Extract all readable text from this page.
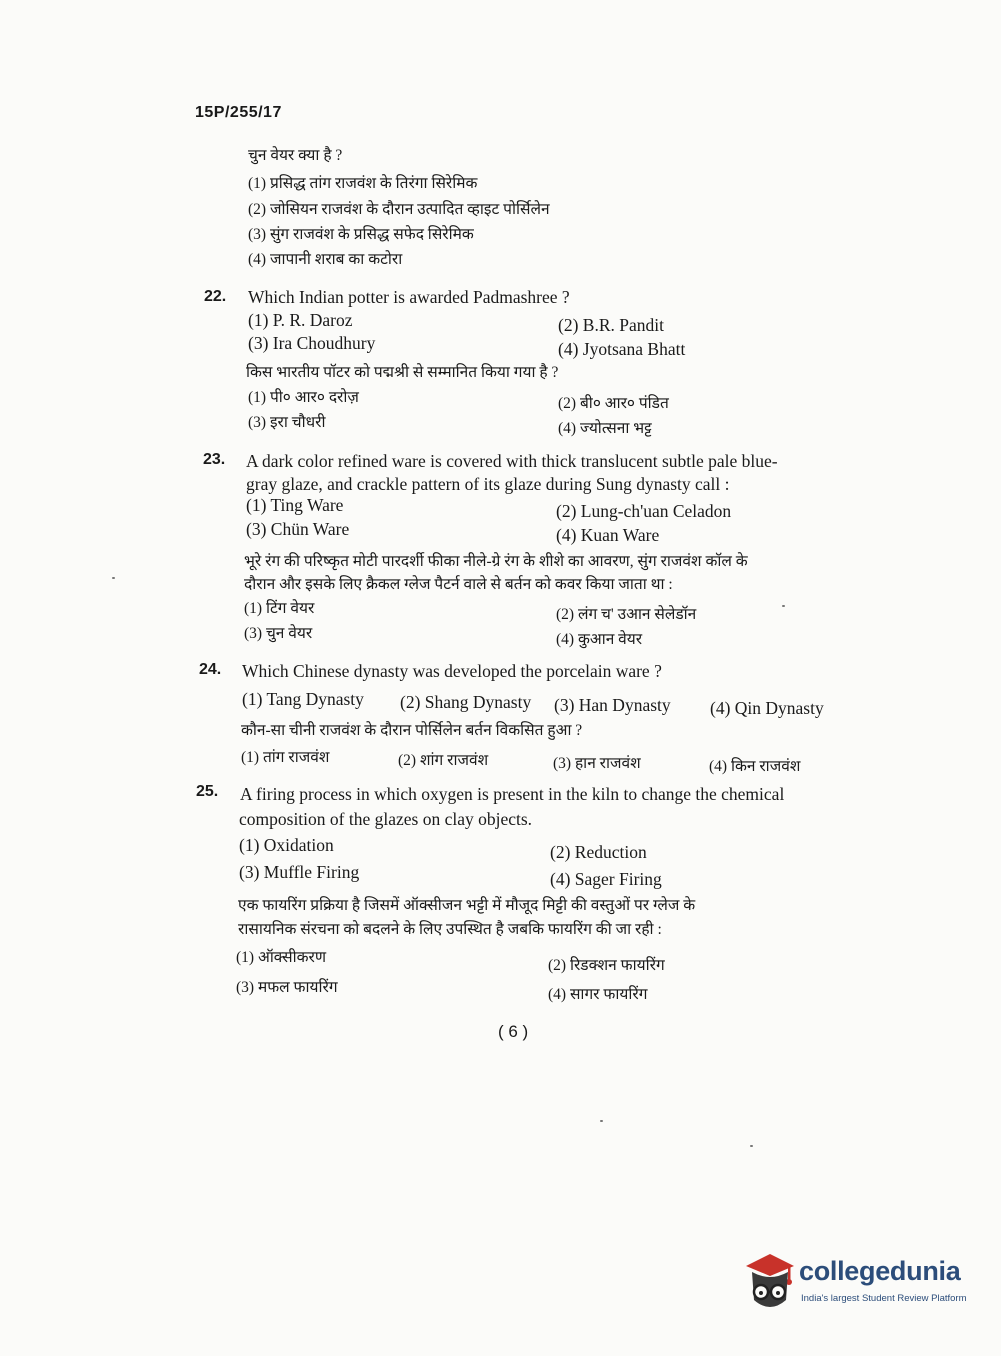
15P/255/17
चुन वेयर क्या है ?
(1) प्रसिद्ध तांग राजवंश के तिरंगा सिरेमिक
(2) जोसियन राजवंश के दौरान उत्पादित व्हाइट पोर्सिलेन
(3) सुंग राजवंश के प्रसिद्ध सफेद सिरेमिक
(4) जापानी शराब का कटोरा
22. Which Indian potter is awarded Padmashree ?
(1) P. R. Daroz	(2) B.R. Pandit
(3) Ira Choudhury	(4) Jyotsana Bhatt
किस भारतीय पॉटर को पद्मश्री से सम्मानित किया गया है ?
(1) पी० आर० दरोज़	(2) बी० आर० पंडित
(3) इरा चौधरी	(4) ज्योत्सना भट्ट
23. A dark color refined ware is covered with thick translucent subtle pale blue-
gray glaze, and crackle pattern of its glaze during Sung dynasty call :
(1) Ting Ware	(2) Lung-ch'uan Celadon
(3) Chün Ware	(4) Kuan Ware
भूरे रंग की परिष्कृत मोटी पारदर्शी फीका नीले-ग्रे रंग के शीशे का आवरण, सुंग राजवंश कॉल के
दौरान और इसके लिए क्रैकल ग्लेज पैटर्न वाले से बर्तन को कवर किया जाता था :
(1) टिंग वेयर	(2) लंग च' उआन सेलेडॉन
(3) चुन वेयर	(4) कुआन वेयर
24. Which Chinese dynasty was developed the porcelain ware ?
(1) Tang Dynasty (2) Shang Dynasty (3) Han Dynasty (4) Qin Dynasty
कौन-सा चीनी राजवंश के दौरान पोर्सिलेन बर्तन विकसित हुआ ?
(1) तांग राजवंश	(2) शांग राजवंश	(3) हान राजवंश	(4) किन राजवंश
25. A firing process in which oxygen is present in the kiln to change the chemical
composition of the glazes on clay objects.
(1) Oxidation	(2) Reduction
(3) Muffle Firing	(4) Sager Firing
एक फायरिंग प्रक्रिया है जिसमें ऑक्सीजन भट्टी में मौजूद मिट्टी की वस्तुओं पर ग्लेज के
रासायनिक संरचना को बदलने के लिए उपस्थित है जबकि फायरिंग की जा रही :
(1) ऑक्सीकरण	(2) रिडक्शन फायरिंग
(3) मफल फायरिंग	(4) सागर फायरिंग
( 6 )
collegedunia
India's largest Student Review Platform
